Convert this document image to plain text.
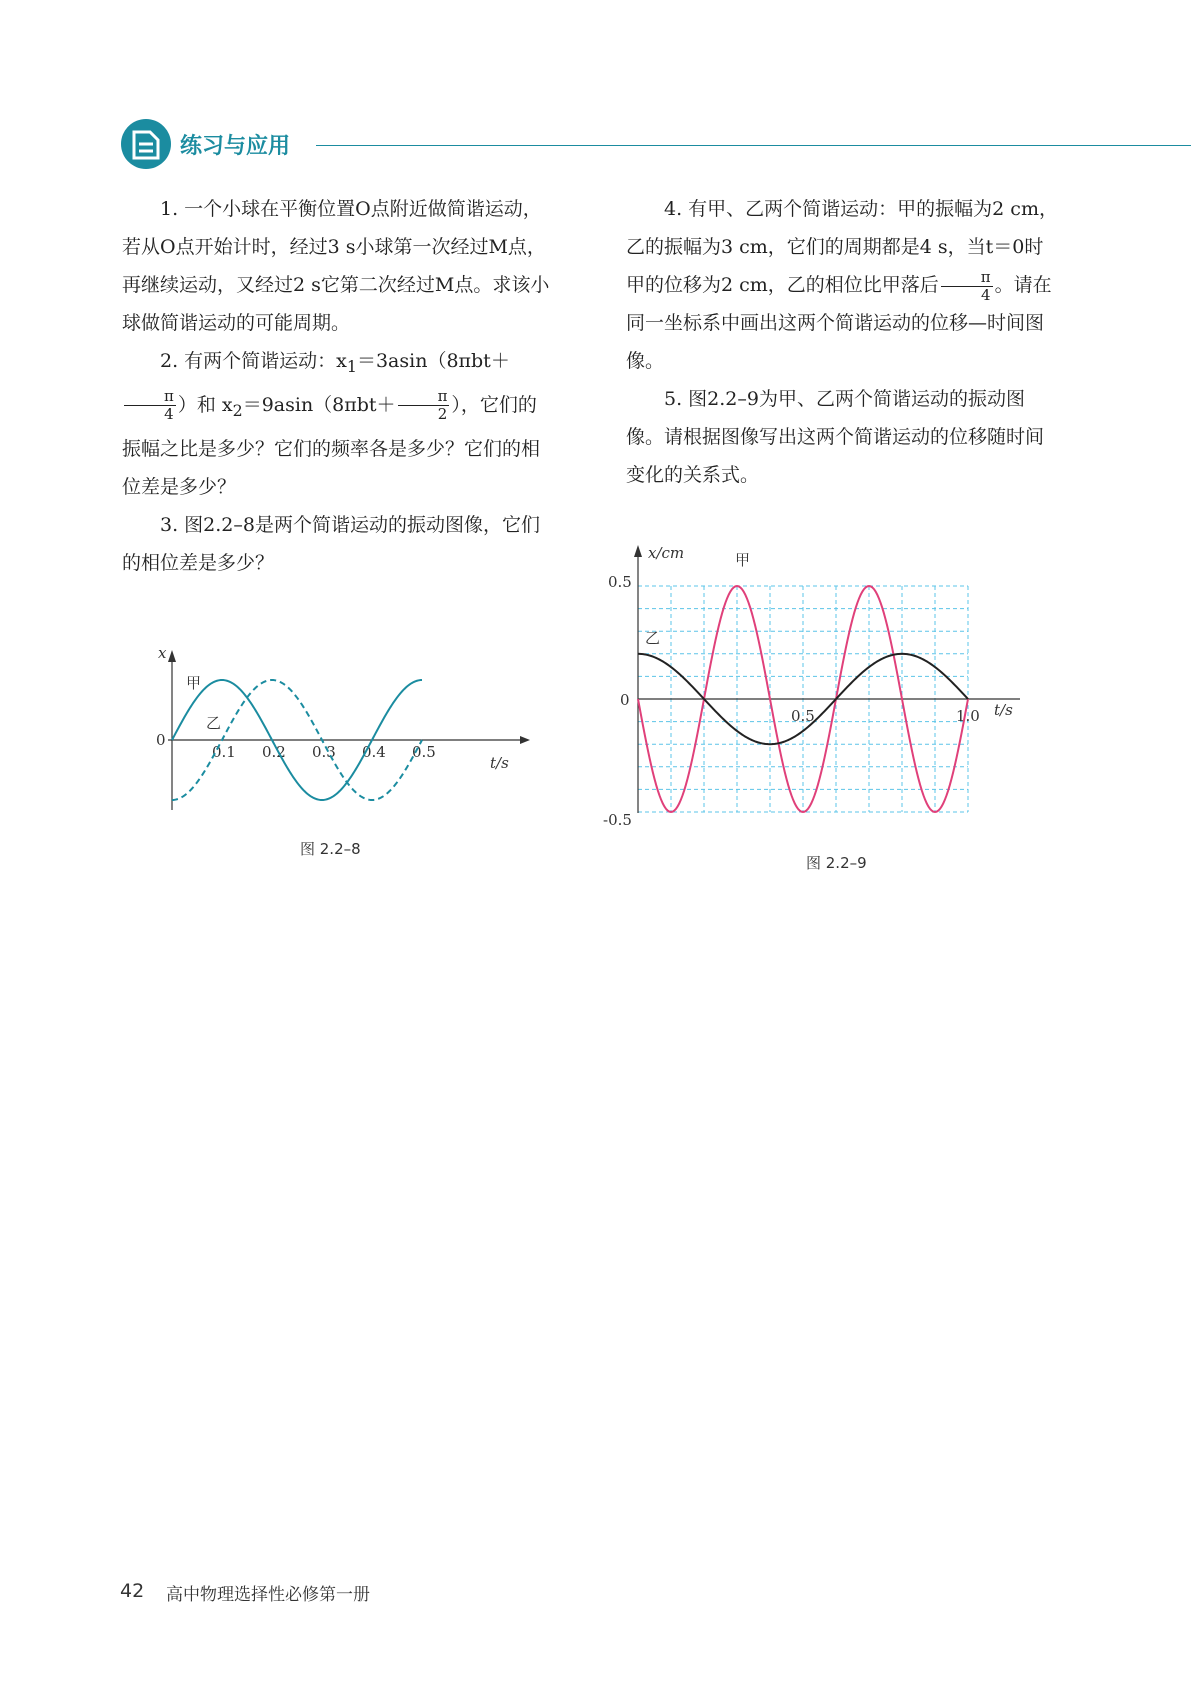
练习与应用

1. 一个小球在平衡位置O点附近做简谐运动，若从O点开始计时，经过3 s小球第一次经过M点，再继续运动，又经过2 s它第二次经过M点。求该小球做简谐运动的可能周期。

2. 有两个简谐运动：$x_1=3asin(8\pi bt+$
$\frac{\pi}{4}$ ）和 $x_2=9asin(8\pi bt+ \frac{\pi}{2}$ ），它们的振幅之比是多少？它们的频率各是多少？它们的相位差是多少？

3. 图2.2–8是两个简谐运动的振动图像，它们的相位差是多少？

4. 有甲、乙两个简谐运动：甲的振幅为2 cm，乙的振幅为3 cm，它们的周期都是4 s，当t＝0时甲的位移为2 cm，乙的相位比甲落后 $\frac{\pi}{4}$ 。请在同一坐标系中画出这两个简谐运动的位移—时间图像。

5. 图2.2–9为甲、乙两个简谐运动的振动图像。请根据图像写出这两个简谐运动的位移随时间变化的关系式。

x
t/s
0
0.1 0.2 0.3 0.4 0.5
甲
乙
图 2.2–8
x/cm
t/s
0
0.5
-0.5
0.5	1.0
甲
乙
图 2.2–9
42 高中物理选择性必修第一册
